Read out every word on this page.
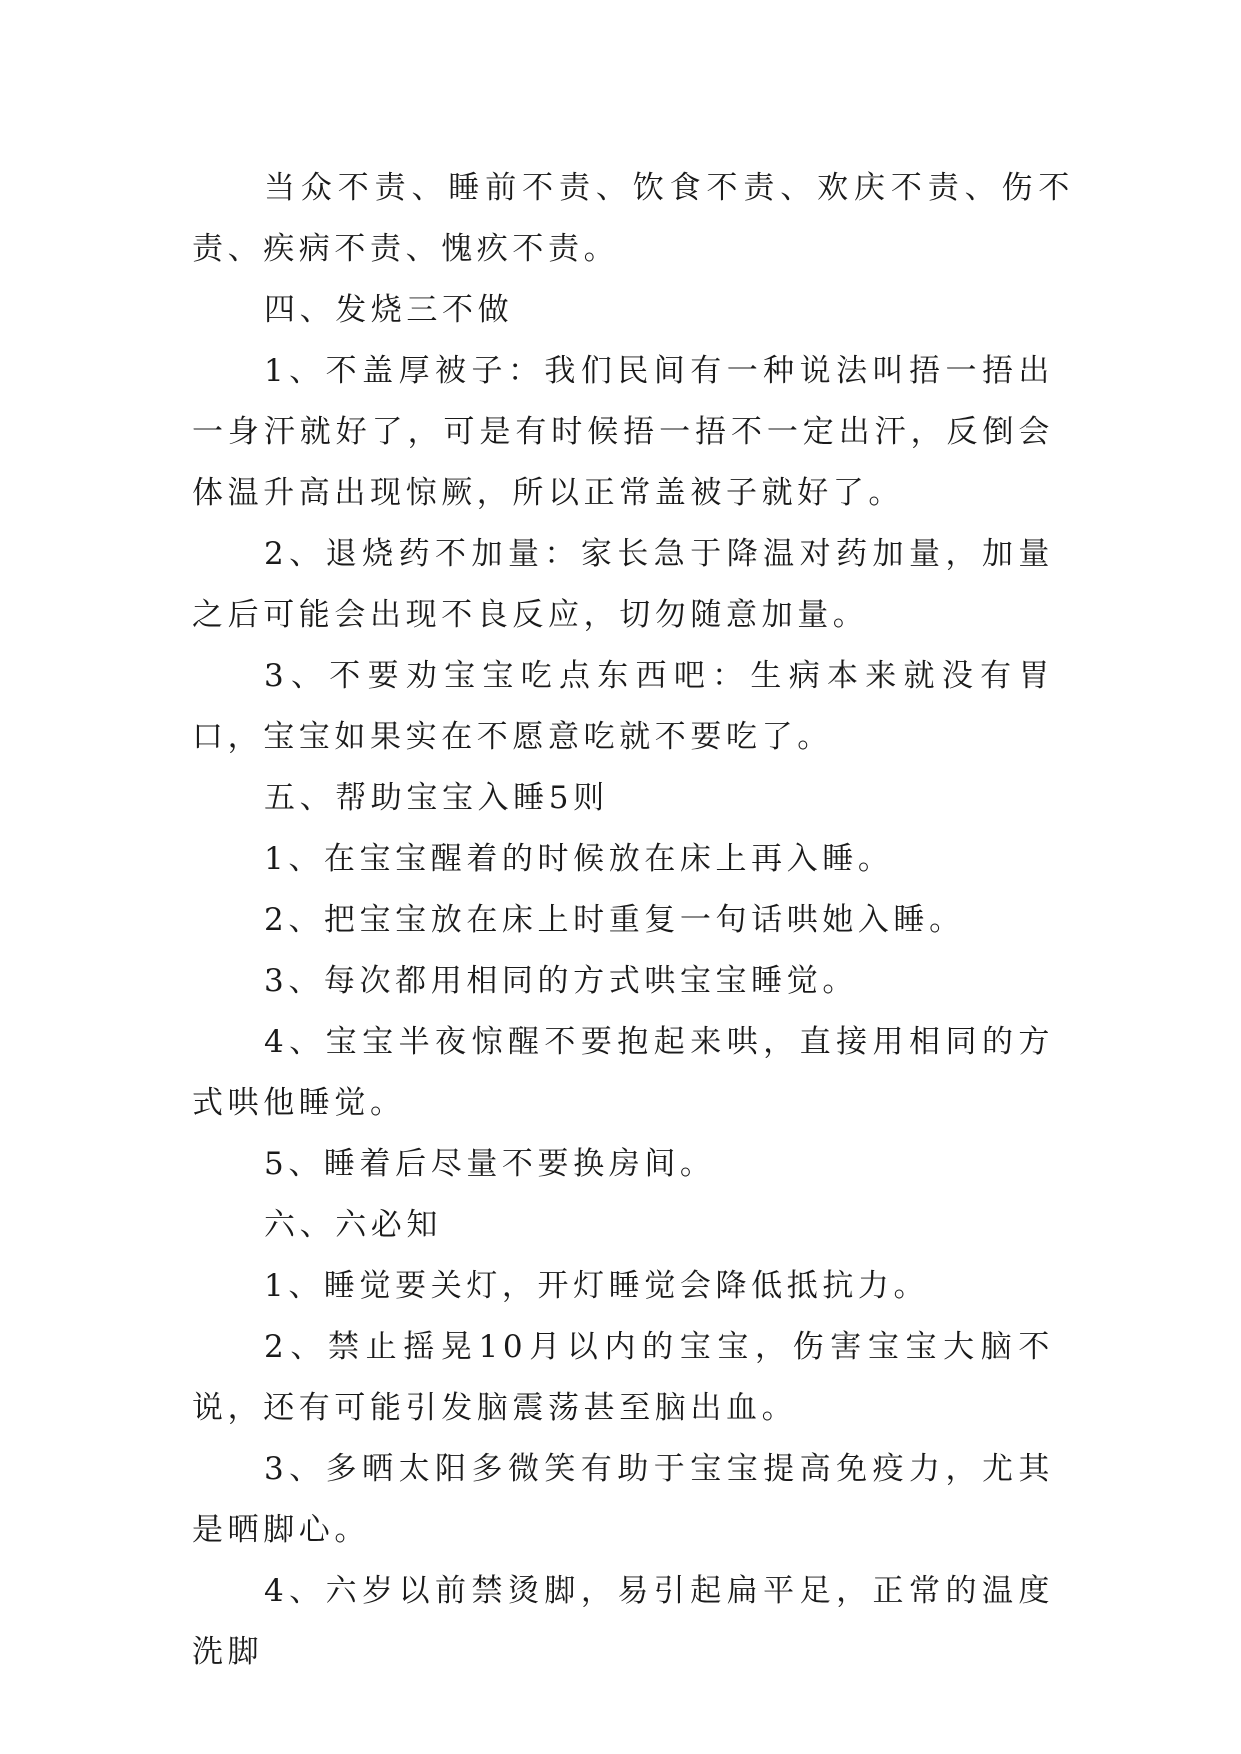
当众不责、睡前不责、饮食不责、欢庆不责、伤不责、疾病不责、愧疚不责。

四、发烧三不做

1、不盖厚被子：我们民间有一种说法叫捂一捂出一身汗就好了，可是有时候捂一捂不一定出汗，反倒会体温升高出现惊厥，所以正常盖被子就好了。

2、退烧药不加量：家长急于降温对药加量，加量之后可能会出现不良反应，切勿随意加量。

3、不要劝宝宝吃点东西吧：生病本来就没有胃口，宝宝如果实在不愿意吃就不要吃了。

五、帮助宝宝入睡5则

1、在宝宝醒着的时候放在床上再入睡。

2、把宝宝放在床上时重复一句话哄她入睡。

3、每次都用相同的方式哄宝宝睡觉。

4、宝宝半夜惊醒不要抱起来哄，直接用相同的方式哄他睡觉。

5、睡着后尽量不要换房间。

六、六必知

1、睡觉要关灯，开灯睡觉会降低抵抗力。

2、禁止摇晃10月以内的宝宝，伤害宝宝大脑不说，还有可能引发脑震荡甚至脑出血。

3、多晒太阳多微笑有助于宝宝提高免疫力，尤其是晒脚心。

4、六岁以前禁烫脚，易引起扁平足，正常的温度洗脚
